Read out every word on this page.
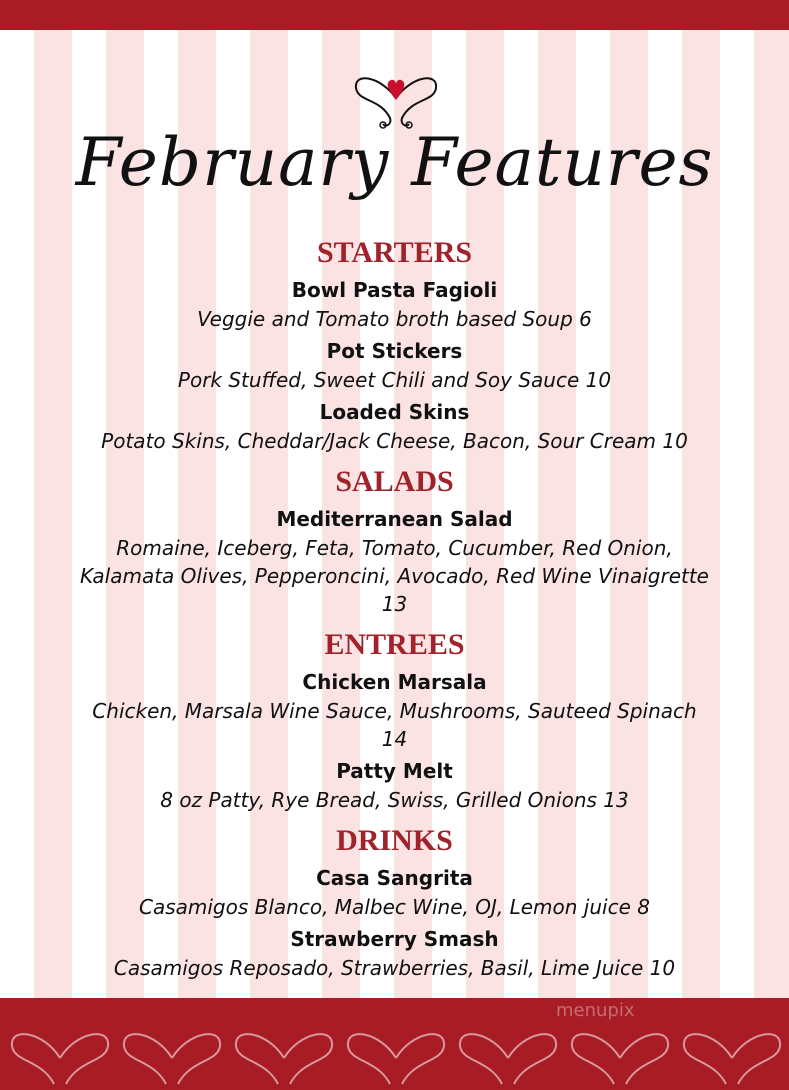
February Features

STARTERS

Bowl Pasta Fagioli

Veggie and Tomato broth based Soup 6

Pot Stickers

Pork Stuffed, Sweet Chili and Soy Sauce 10

Loaded Skins

Potato Skins, Cheddar/Jack Cheese, Bacon, Sour Cream 10

SALADS

Mediterranean Salad

Romaine, Iceberg, Feta, Tomato, Cucumber, Red Onion,

Kalamata Olives, Pepperoncini, Avocado, Red Wine Vinaigrette

13

ENTREES

Chicken Marsala

Chicken, Marsala Wine Sauce, Mushrooms, Sauteed Spinach

14

Patty Melt

8 oz Patty, Rye Bread, Swiss, Grilled Onions 13

DRINKS

Casa Sangrita

Casamigos Blanco, Malbec Wine, OJ, Lemon juice 8

Strawberry Smash

Casamigos Reposado, Strawberries, Basil, Lime Juice 10

menupix
